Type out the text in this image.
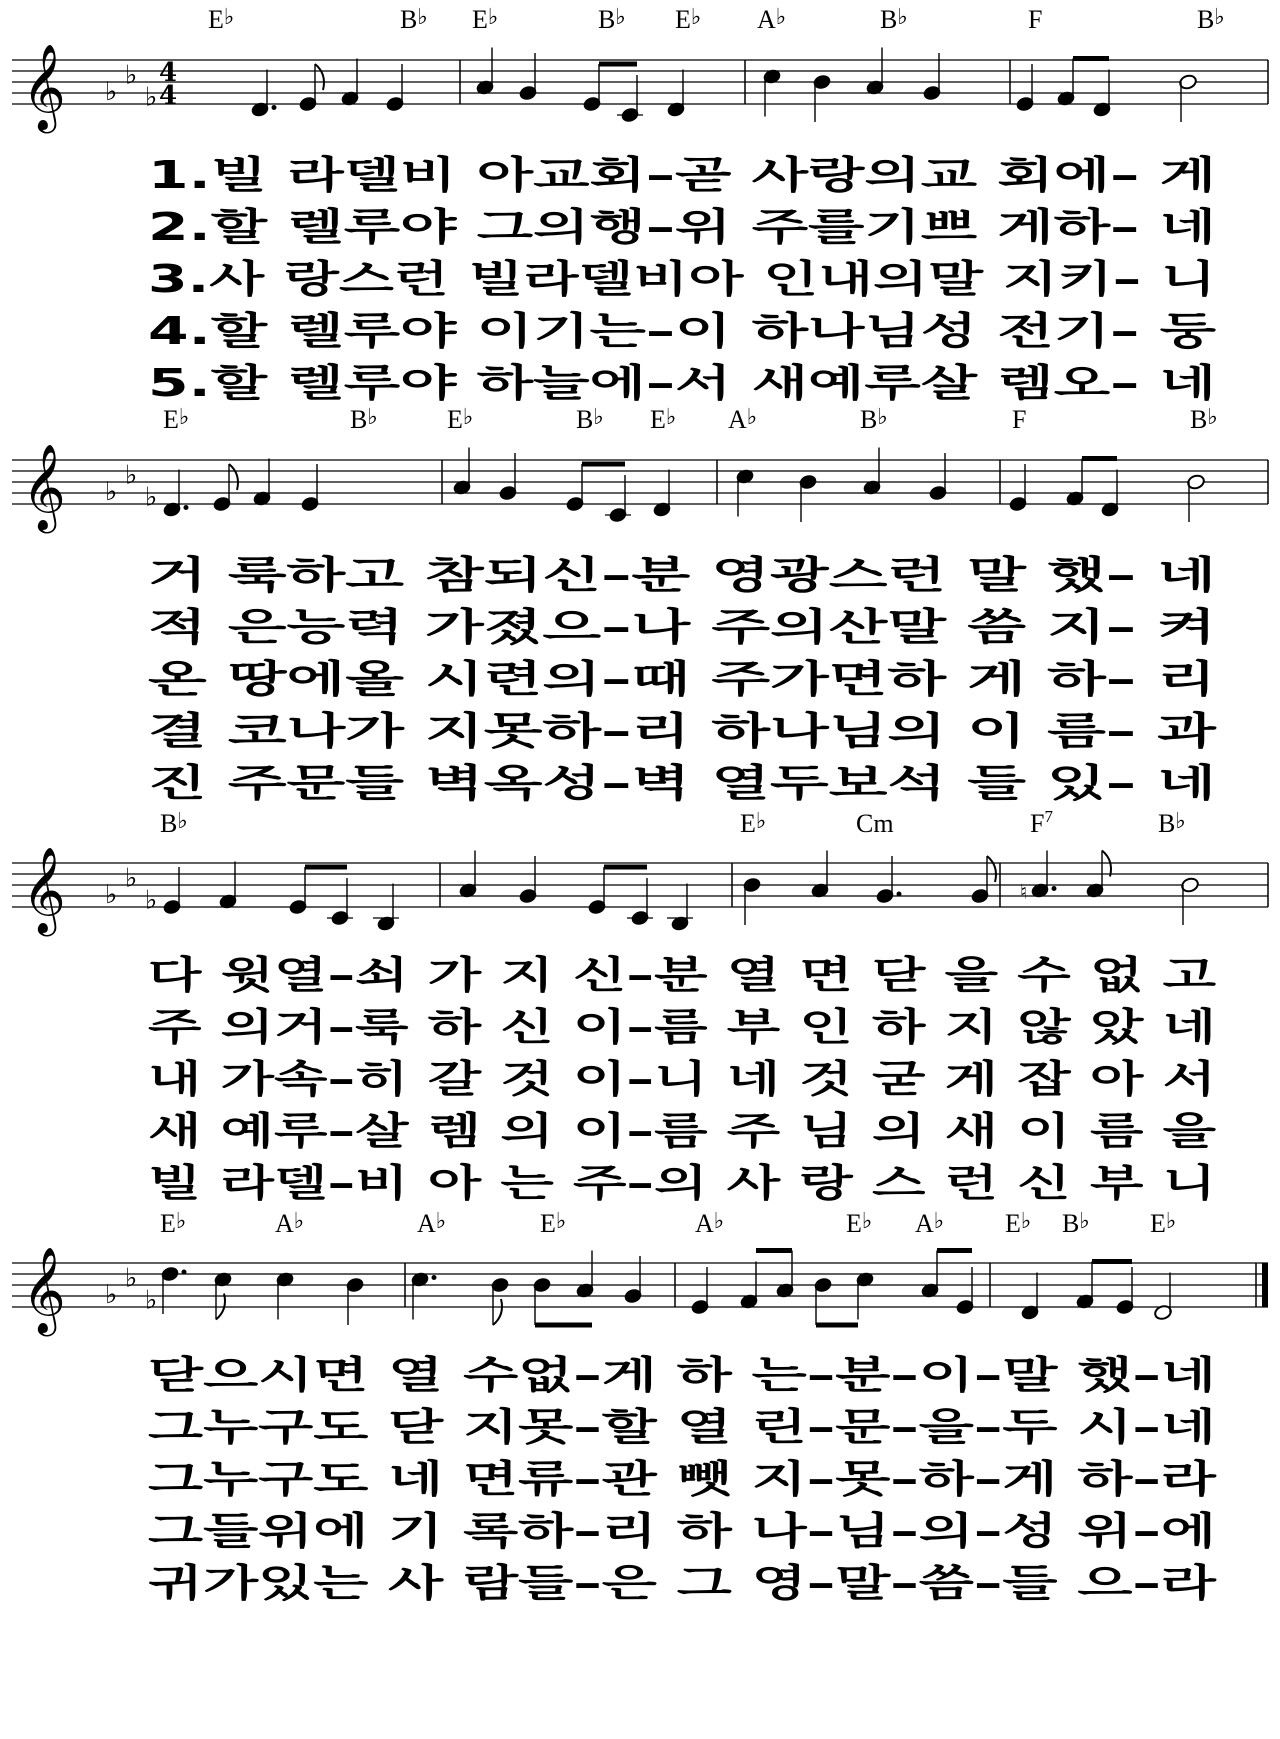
𝄞 ♭
♭
♭
4
4
E♭	B♭ E♭	B♭ E♭ A♭	B♭	F	B♭
1.빌 라델비 아교회–곧 사랑의교 회에– 게
2.할 렐루야 그의행–위 주를기쁘 게하– 네
3.사 랑스런 빌라델비아 인내의말 지키– 니
4.할 렐루야 이기는–이 하나님성 전기– 둥
5.할 렐루야 하늘에–서 새예루살 렘오– 네
𝄞 ♭
♭
♭
E♭	B♭	E♭	B♭ E♭ A♭	B♭	F	B♭
거 룩하고 참되신–분 영광스런 말 했– 네
적 은능력 가졌으–나 주의산말 씀 지– 켜
온 땅에올 시련의–때 주가면하 게 하– 리
결 코나가 지못하–리 하나님의 이 름– 과
진 주문들 벽옥성–벽 열두보석 들 있– 네
𝄞 ♭
♭
♭	♮
B♭	E♭	Cm	$F^7$	B♭
다 윗열–쇠 가 지 신–분 열 면 닫 을 수 없 고
주 의거–룩 하 신 이–름 부 인 하 지 않 았 네
내 가속–히 갈 것 이–니 네 것 굳 게 잡 아 서
새 예루–살 렘 의 이–름 주 님 의 새 이 름 을
빌 라델–비 아 는 주–의 사 랑 스 런 신 부 니
𝄞 ♭
♭
♭
E♭	A♭	A♭	E♭	A♭	E♭ A♭ E♭ B♭ E♭
닫으시면 열 수없–게 하 는–분–이–말 했–네
그누구도 닫 지못–할 열 린–문–을–두 시–네
그누구도 네 면류–관 뺏 지–못–하–게 하–라
그들위에 기 록하–리 하 나–님–의–성 위–에
귀가있는 사 람들–은 그 영–말–씀–들 으–라
